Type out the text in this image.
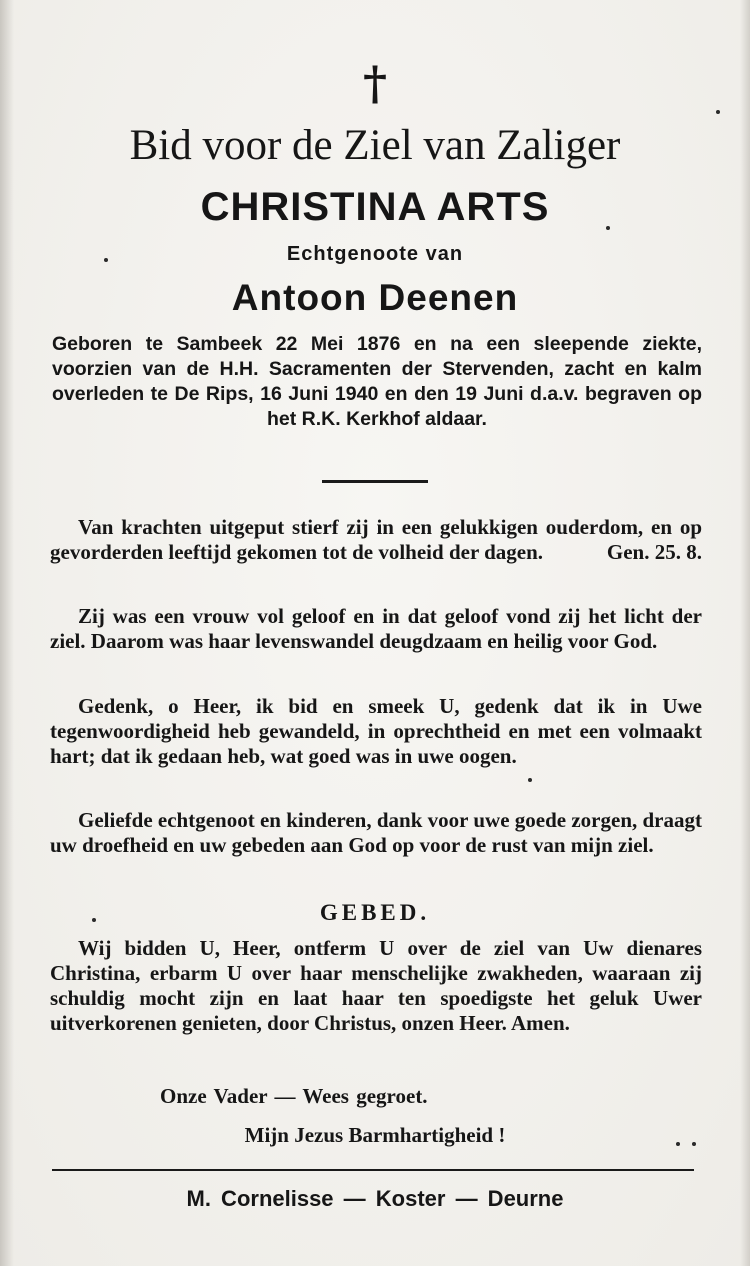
†
Bid voor de Ziel van Zaliger
CHRISTINA ARTS
Echtgenoote van
Antoon Deenen
Geboren te Sambeek 22 Mei 1876 en na een sleepende ziekte, voorzien van de H.H. Sacramenten der Stervenden, zacht en kalm overleden te De Rips, 16 Juni 1940 en den 19 Juni d.a.v. begraven op het R.K. Kerkhof aldaar.
Van krachten uitgeput stierf zij in een gelukkigen ouderdom, en op gevorderden leeftijd gekomen tot de volheid der dagen.	Gen. 25. 8.
Zij was een vrouw vol geloof en in dat geloof vond zij het licht der ziel. Daarom was haar levenswandel deugdzaam en heilig voor God.
Gedenk, o Heer, ik bid en smeek U, gedenk dat ik in Uwe tegenwoordigheid heb gewandeld, in oprechtheid en met een volmaakt hart; dat ik gedaan heb, wat goed was in uwe oogen.
Geliefde echtgenoot en kinderen, dank voor uwe goede zorgen, draagt uw droefheid en uw gebeden aan God op voor de rust van mijn ziel.
GEBED.
Wij bidden U, Heer, ontferm U over de ziel van Uw dienares Christina, erbarm U over haar menschelijke zwakheden, waaraan zij schuldig mocht zijn en laat haar ten spoedigste het geluk Uwer uitverkorenen genieten, door Christus, onzen Heer. Amen.
Onze Vader — Wees gegroet.
Mijn Jezus Barmhartigheid !
M. Cornelisse — Koster — Deurne
